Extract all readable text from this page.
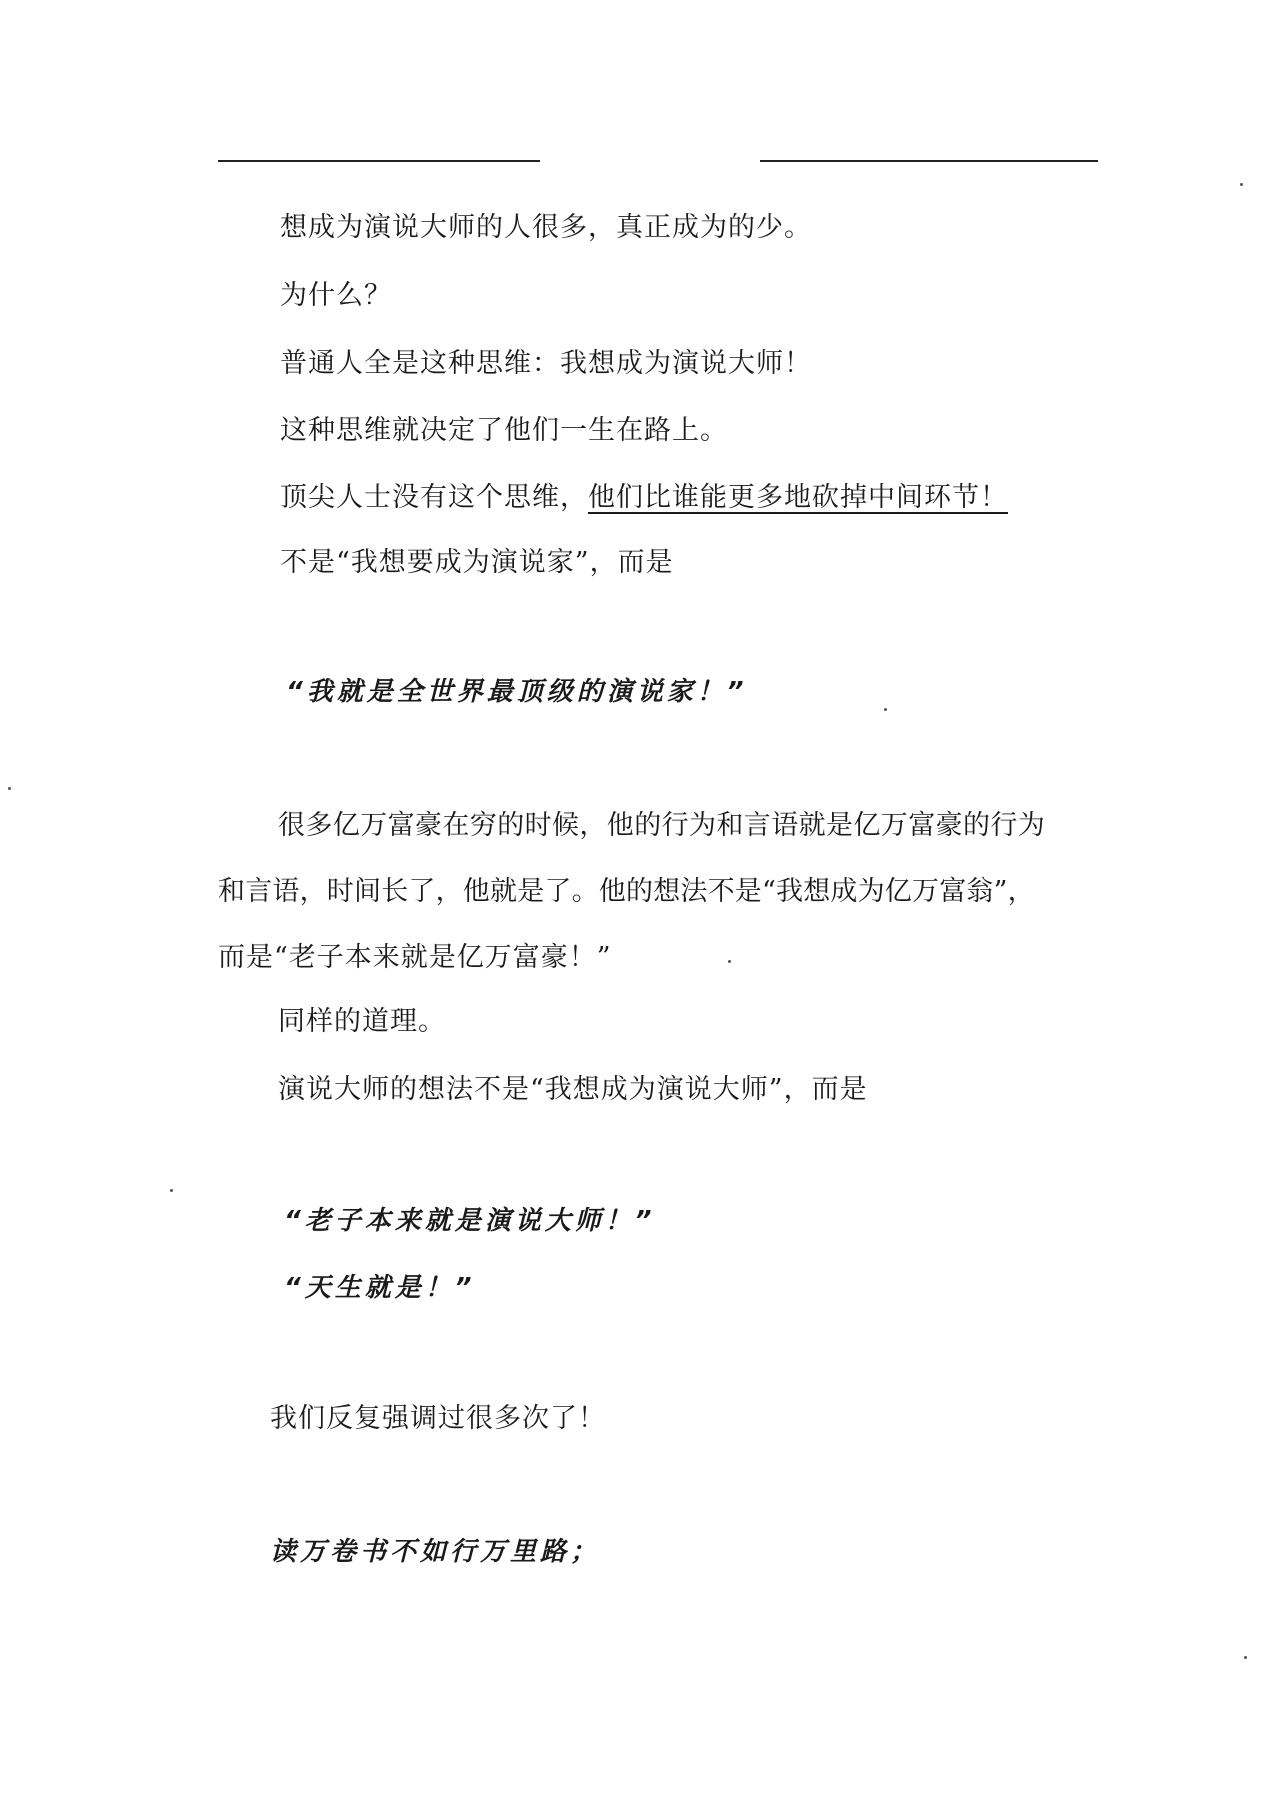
想成为演说大师的人很多，真正成为的少。
为什么？
普通人全是这种思维：我想成为演说大师！
这种思维就决定了他们一生在路上。
顶尖人士没有这个思维，他们比谁能更多地砍掉中间环节！
不是“我想要成为演说家”，而是
“我就是全世界最顶级的演说家！”
很多亿万富豪在穷的时候，他的行为和言语就是亿万富豪的行为
和言语，时间长了，他就是了。他的想法不是“我想成为亿万富翁”，
而是“老子本来就是亿万富豪！”
同样的道理。
演说大师的想法不是“我想成为演说大师”，而是
“老子本来就是演说大师！”
“天生就是！”
我们反复强调过很多次了！
读万卷书不如行万里路；
